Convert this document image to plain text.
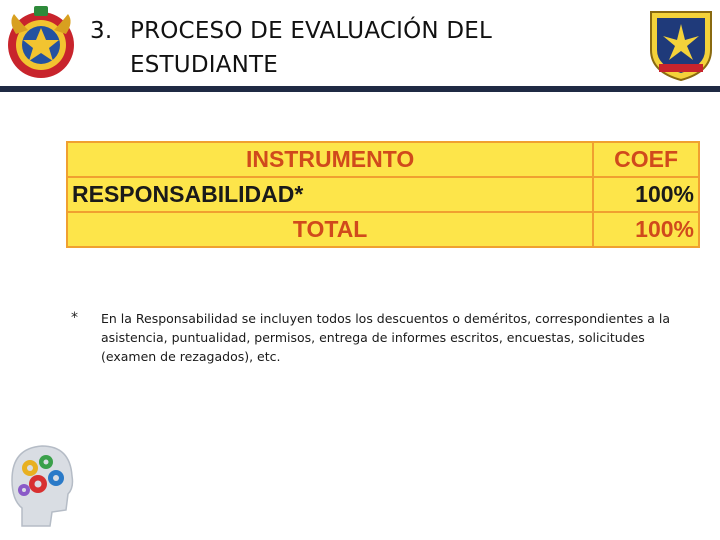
3. PROCESO DE EVALUACIÓN DEL
ESTUDIANTE
INSTRUMENTO	COEF
RESPONSABILIDAD*	100%
TOTAL	100%
* En la Responsabilidad se incluyen todos los descuentos o deméritos, correspondientes a la asistencia, puntualidad, permisos, entrega de informes escritos, encuestas, solicitudes (examen de rezagados), etc.
